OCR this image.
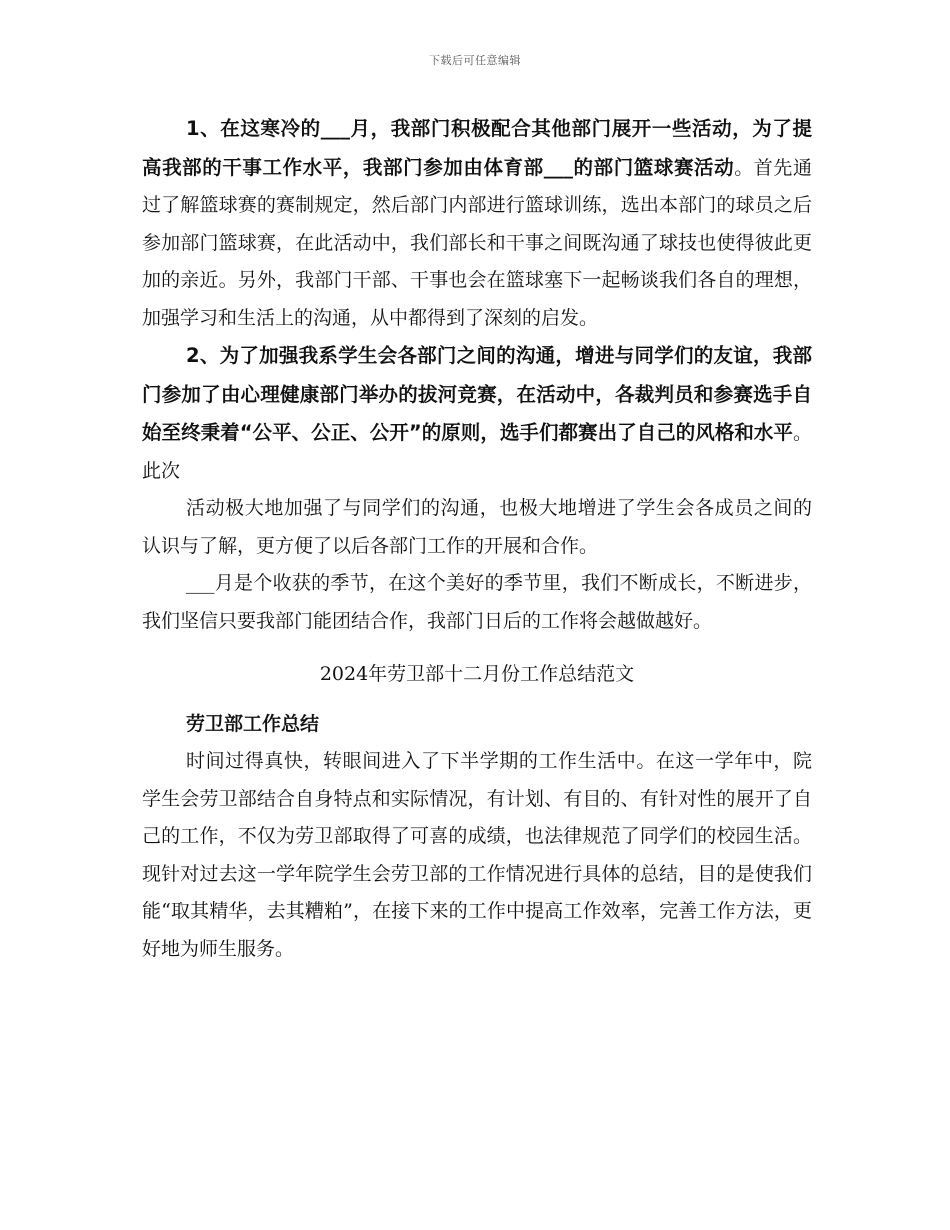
下载后可任意编辑

1、在这寒冷的___月，我部门积极配合其他部门展开一些活动，为了提高我部的干事工作水平，我部门参加由体育部___的部门篮球赛活动。首先通过了解篮球赛的赛制规定，然后部门内部进行篮球训练，选出本部门的球员之后参加部门篮球赛，在此活动中，我们部长和干事之间既沟通了球技也使得彼此更加的亲近。另外，我部门干部、干事也会在篮球塞下一起畅谈我们各自的理想，加强学习和生活上的沟通，从中都得到了深刻的启发。

2、为了加强我系学生会各部门之间的沟通，增进与同学们的友谊，我部门参加了由心理健康部门举办的拔河竞赛，在活动中，各裁判员和参赛选手自始至终秉着“公平、公正、公开”的原则，选手们都赛出了自己的风格和水平。此次

活动极大地加强了与同学们的沟通，也极大地增进了学生会各成员之间的认识与了解，更方便了以后各部门工作的开展和合作。

___月是个收获的季节，在这个美好的季节里，我们不断成长，不断进步，我们坚信只要我部门能团结合作，我部门日后的工作将会越做越好。

2024年劳卫部十二月份工作总结范文

劳卫部工作总结

时间过得真快，转眼间进入了下半学期的工作生活中。在这一学年中，院学生会劳卫部结合自身特点和实际情况，有计划、有目的、有针对性的展开了自己的工作，不仅为劳卫部取得了可喜的成绩，也法律规范了同学们的校园生活。现针对过去这一学年院学生会劳卫部的工作情况进行具体的总结，目的是使我们能“取其精华，去其糟粕”，在接下来的工作中提高工作效率，完善工作方法，更好地为师生服务。
